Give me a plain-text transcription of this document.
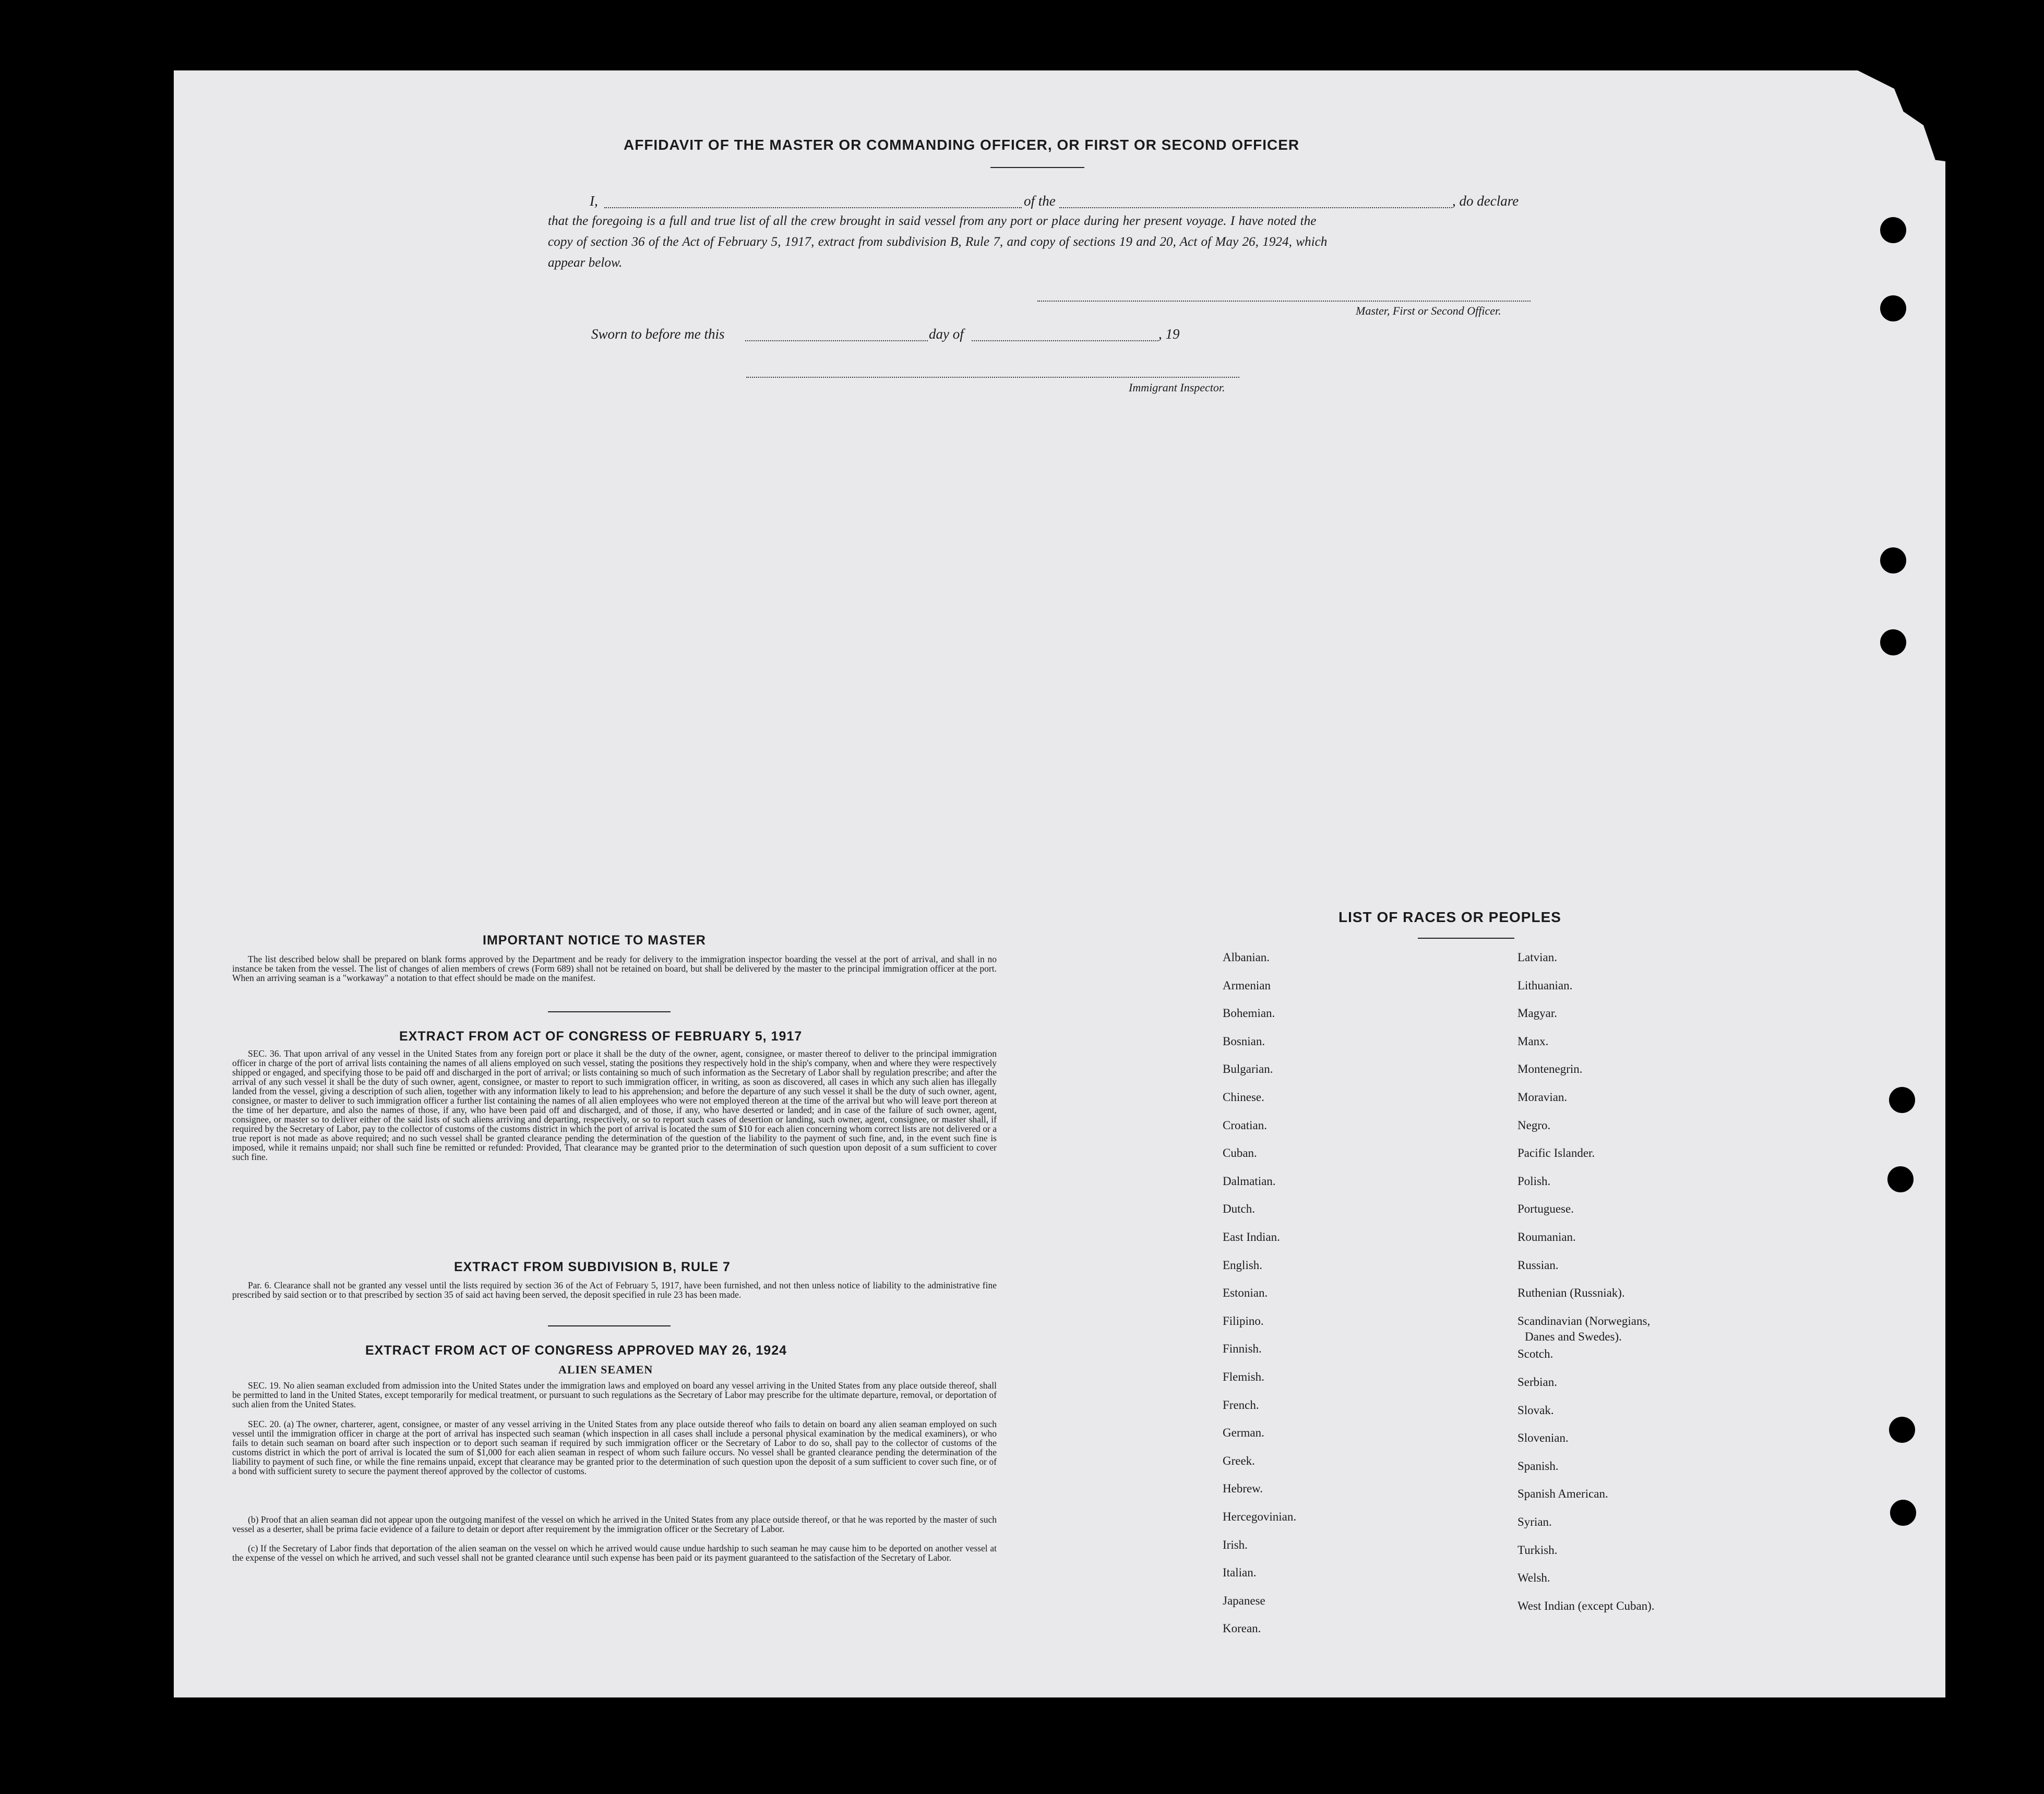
AFFIDAVIT OF THE MASTER OR COMMANDING OFFICER, OR FIRST OR SECOND OFFICER
I,	of the	, do declare
that the foregoing is a full and true list of all the crew brought in said vessel from any port or place during her present voyage. I have noted the
copy of section 36 of the Act of February 5, 1917, extract from subdivision B, Rule 7, and copy of sections 19 and 20, Act of May 26, 1924, which
appear below.
Master, First or Second Officer.
Sworn to before me this	day of	, 19
Immigrant Inspector.
IMPORTANT NOTICE TO MASTER
The list described below shall be prepared on blank forms approved by the Department and be ready for delivery to the immigration inspector boarding the vessel at the port of arrival, and shall in no instance be taken from the vessel. The list of changes of alien members of crews (Form 689) shall not be retained on board, but shall be delivered by the master to the principal immigration officer at the port. When an arriving seaman is a "workaway" a notation to that effect should be made on the manifest.
EXTRACT FROM ACT OF CONGRESS OF FEBRUARY 5, 1917
SEC. 36. That upon arrival of any vessel in the United States from any foreign port or place it shall be the duty of the owner, agent, consignee, or master thereof to deliver to the principal immigration officer in charge of the port of arrival lists containing the names of all aliens employed on such vessel, stating the positions they respectively hold in the ship's company, when and where they were respectively shipped or engaged, and specifying those to be paid off and discharged in the port of arrival; or lists containing so much of such information as the Secretary of Labor shall by regulation prescribe; and after the arrival of any such vessel it shall be the duty of such owner, agent, consignee, or master to report to such immigration officer, in writing, as soon as discovered, all cases in which any such alien has illegally landed from the vessel, giving a description of such alien, together with any information likely to lead to his apprehension; and before the departure of any such vessel it shall be the duty of such owner, agent, consignee, or master to deliver to such immigration officer a further list containing the names of all alien employees who were not employed thereon at the time of the arrival but who will leave port thereon at the time of her departure, and also the names of those, if any, who have been paid off and discharged, and of those, if any, who have deserted or landed; and in case of the failure of such owner, agent, consignee, or master so to deliver either of the said lists of such aliens arriving and departing, respectively, or so to report such cases of desertion or landing, such owner, agent, consignee, or master shall, if required by the Secretary of Labor, pay to the collector of customs of the customs district in which the port of arrival is located the sum of $10 for each alien concerning whom correct lists are not delivered or a true report is not made as above required; and no such vessel shall be granted clearance pending the determination of the question of the liability to the payment of such fine, and, in the event such fine is imposed, while it remains unpaid; nor shall such fine be remitted or refunded: Provided, That clearance may be granted prior to the determination of such question upon deposit of a sum sufficient to cover such fine.
EXTRACT FROM SUBDIVISION B, RULE 7
Par. 6. Clearance shall not be granted any vessel until the lists required by section 36 of the Act of February 5, 1917, have been furnished, and not then unless notice of liability to the administrative fine prescribed by said section or to that prescribed by section 35 of said act having been served, the deposit specified in rule 23 has been made.
EXTRACT FROM ACT OF CONGRESS APPROVED MAY 26, 1924
ALIEN SEAMEN
SEC. 19. No alien seaman excluded from admission into the United States under the immigration laws and employed on board any vessel arriving in the United States from any place outside thereof, shall be permitted to land in the United States, except temporarily for medical treatment, or pursuant to such regulations as the Secretary of Labor may prescribe for the ultimate departure, removal, or deportation of such alien from the United States.
SEC. 20. (a) The owner, charterer, agent, consignee, or master of any vessel arriving in the United States from any place outside thereof who fails to detain on board any alien seaman employed on such vessel until the immigration officer in charge at the port of arrival has inspected such seaman (which inspection in all cases shall include a personal physical examination by the medical examiners), or who fails to detain such seaman on board after such inspection or to deport such seaman if required by such immigration officer or the Secretary of Labor to do so, shall pay to the collector of customs of the customs district in which the port of arrival is located the sum of $1,000 for each alien seaman in respect of whom such failure occurs. No vessel shall be granted clearance pending the determination of the liability to payment of such fine, or while the fine remains unpaid, except that clearance may be granted prior to the determination of such question upon the deposit of a sum sufficient to cover such fine, or of a bond with sufficient surety to secure the payment thereof approved by the collector of customs.
(b) Proof that an alien seaman did not appear upon the outgoing manifest of the vessel on which he arrived in the United States from any place outside thereof, or that he was reported by the master of such vessel as a deserter, shall be prima facie evidence of a failure to detain or deport after requirement by the immigration officer or the Secretary of Labor.
(c) If the Secretary of Labor finds that deportation of the alien seaman on the vessel on which he arrived would cause undue hardship to such seaman he may cause him to be deported on another vessel at the expense of the vessel on which he arrived, and such vessel shall not be granted clearance until such expense has been paid or its payment guaranteed to the satisfaction of the Secretary of Labor.
LIST OF RACES OR PEOPLES
Albanian.
Armenian
Bohemian.
Bosnian.
Bulgarian.
Chinese.
Croatian.
Cuban.
Dalmatian.
Dutch.
East Indian.
English.
Estonian.
Filipino.
Finnish.
Flemish.
French.
German.
Greek.
Hebrew.
Hercegovinian.
Irish.
Italian.
Japanese
Korean.
Latvian.
Lithuanian.
Magyar.
Manx.
Montenegrin.
Moravian.
Negro.
Pacific Islander.
Polish.
Portuguese.
Roumanian.
Russian.
Ruthenian (Russniak).
Scandinavian (Norwegians,
Scotch.
Serbian.
Slovak.
Slovenian.
Spanish.
Spanish American.
Syrian.
Turkish.
Welsh.
West Indian (except Cuban).
Danes and Swedes).
